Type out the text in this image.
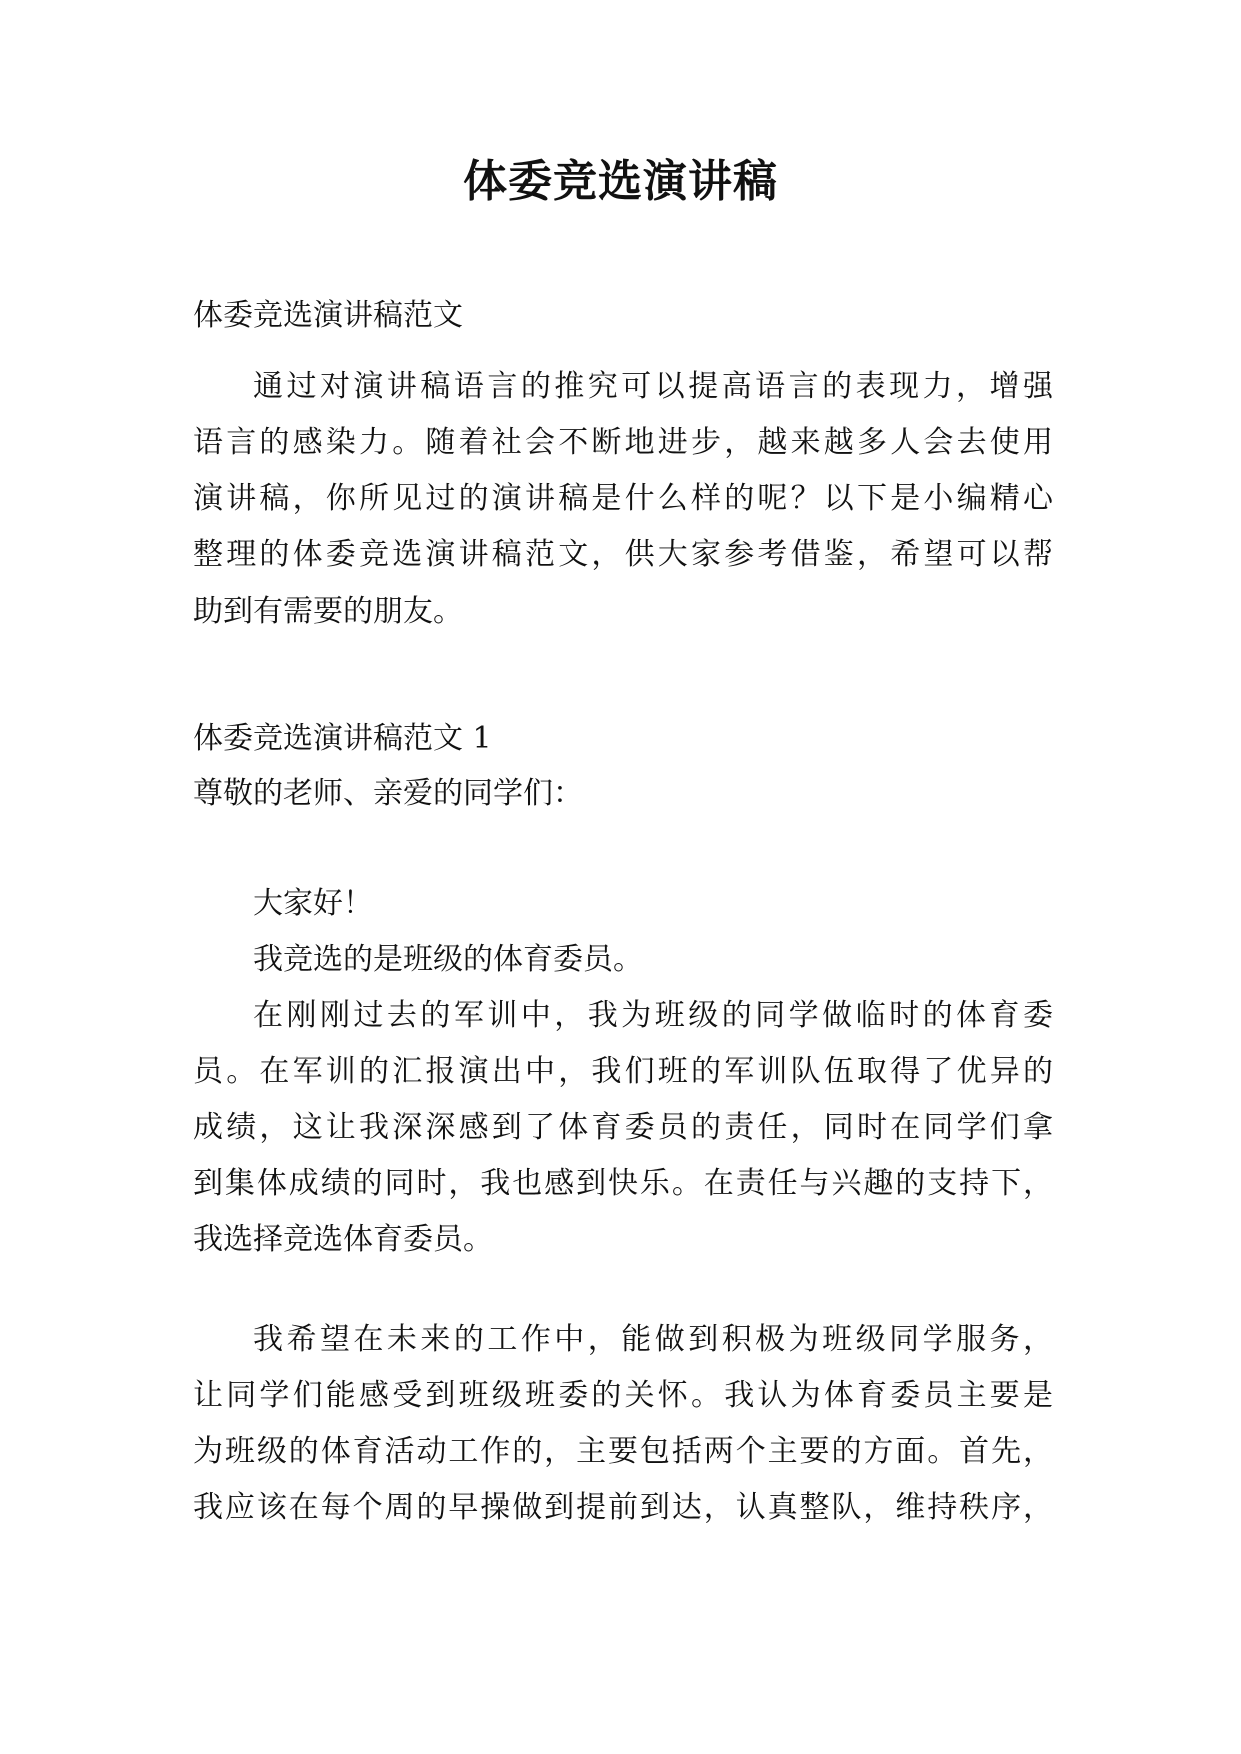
体委竞选演讲稿

体委竞选演讲稿范文

通过对演讲稿语言的推究可以提高语言的表现力，增强

语言的感染力。随着社会不断地进步，越来越多人会去使用

演讲稿，你所见过的演讲稿是什么样的呢？以下是小编精心

整理的体委竞选演讲稿范文，供大家参考借鉴，希望可以帮

助到有需要的朋友。

体委竞选演讲稿范文 1

尊敬的老师、亲爱的同学们：

大家好！

我竞选的是班级的体育委员。

在刚刚过去的军训中，我为班级的同学做临时的体育委

员。在军训的汇报演出中，我们班的军训队伍取得了优异的

成绩，这让我深深感到了体育委员的责任，同时在同学们拿

到集体成绩的同时，我也感到快乐。在责任与兴趣的支持下，

我选择竞选体育委员。

我希望在未来的工作中，能做到积极为班级同学服务，

让同学们能感受到班级班委的关怀。我认为体育委员主要是

为班级的体育活动工作的，主要包括两个主要的方面。首先，

我应该在每个周的早操做到提前到达，认真整队，维持秩序，
